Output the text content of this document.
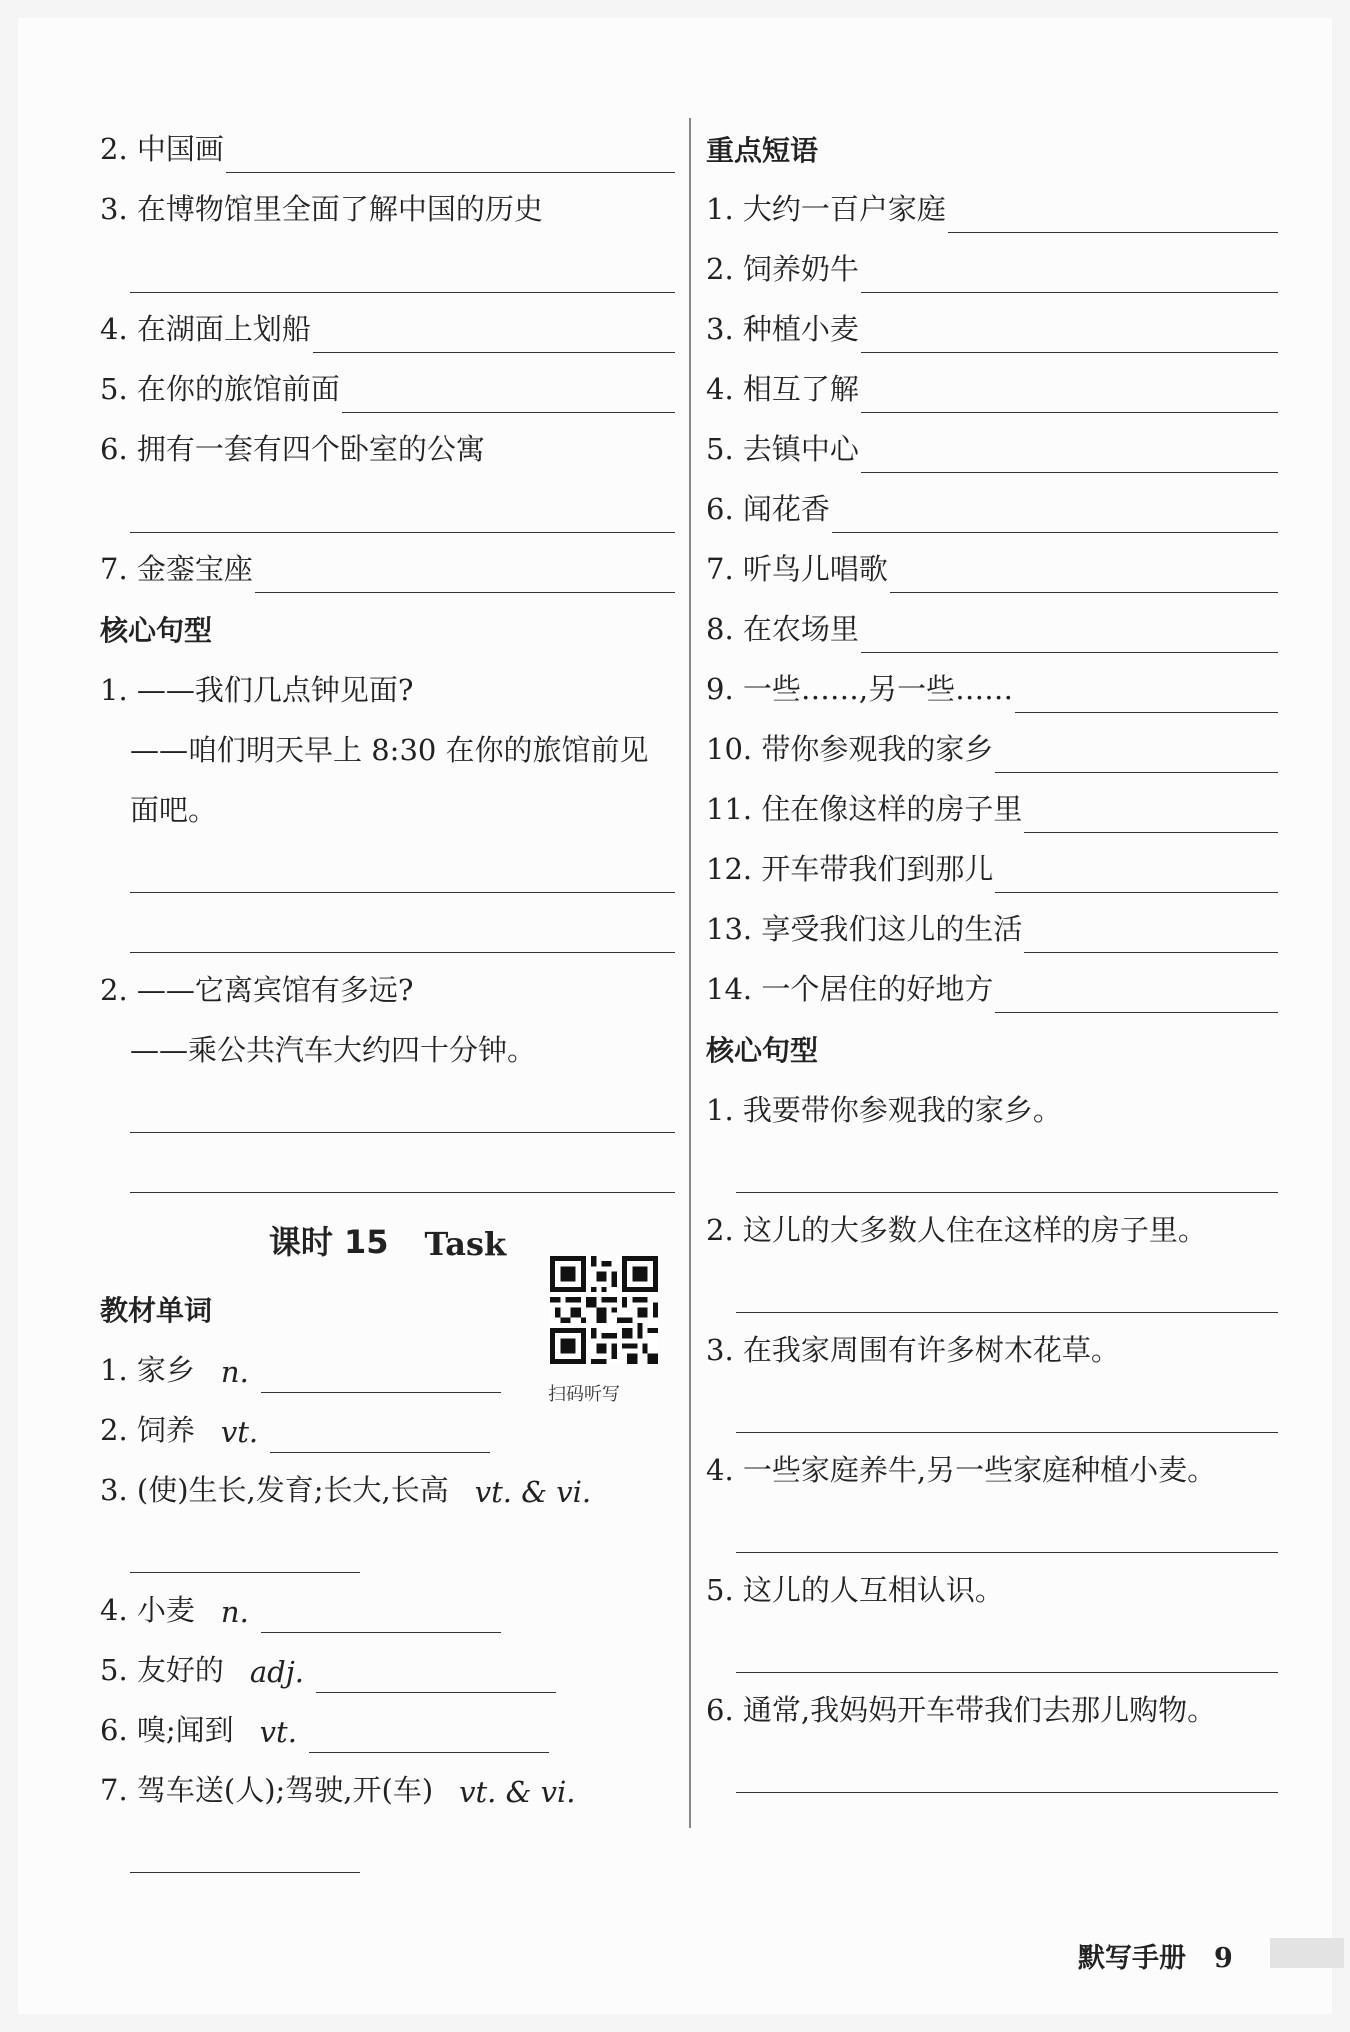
2. 中国画
3. 在博物馆里全面了解中国的历史
4. 在湖面上划船
5. 在你的旅馆前面
6. 拥有一套有四个卧室的公寓
7. 金銮宝座
核心句型
1. ——我们几点钟见面?
——咱们明天早上 8:30 在你的旅馆前见
面吧。
2. ——它离宾馆有多远?
——乘公共汽车大约四十分钟。
课时 15 Task
教材单词
1. 家乡 n.
2. 饲养 vt.
3. (使)生长,发育;长大,长高 vt. & vi.
4. 小麦 n.
5. 友好的 adj.
6. 嗅;闻到 vt.
7. 驾车送(人);驾驶,开(车) vt. & vi.
扫码听写
重点短语
1. 大约一百户家庭
2. 饲养奶牛
3. 种植小麦
4. 相互了解
5. 去镇中心
6. 闻花香
7. 听鸟儿唱歌
8. 在农场里
9. 一些……,另一些……
10. 带你参观我的家乡
11. 住在像这样的房子里
12. 开车带我们到那儿
13. 享受我们这儿的生活
14. 一个居住的好地方
核心句型
1. 我要带你参观我的家乡。
2. 这儿的大多数人住在这样的房子里。
3. 在我家周围有许多树木花草。
4. 一些家庭养牛,另一些家庭种植小麦。
5. 这儿的人互相认识。
6. 通常,我妈妈开车带我们去那儿购物。
默写手册 9
